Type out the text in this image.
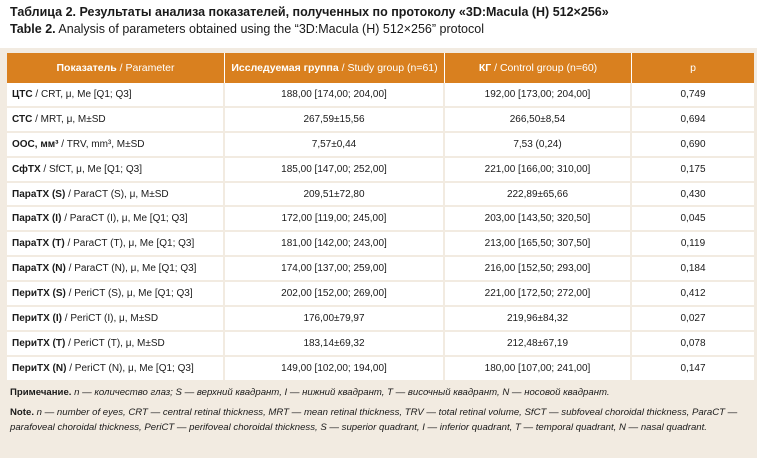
Таблица 2. Результаты анализа показателей, полученных по протоколу «3D:Macula (H) 512×256»
Table 2. Analysis of parameters obtained using the “3D:Macula (H) 512×256” protocol
Показатель / Parameter	Исследуемая группа / Study group (n=61)	КГ / Control group (n=60)	p
ЦТС / CRT, μ, Me [Q1; Q3]	188,00 [174,00; 204,00]	192,00 [173,00; 204,00]	0,749
СТС / MRT, μ, M±SD	267,59±15,56	266,50±8,54	0,694
ООС, мм³ / TRV, mm³, M±SD	7,57±0,44	7,53 (0,24)	0,690
СфТХ / SfCT, μ, Me [Q1; Q3]	185,00 [147,00; 252,00]	221,00 [166,00; 310,00]	0,175
ПараТХ (S) / ParaCT (S), μ, M±SD	209,51±72,80	222,89±65,66	0,430
ПараТХ (I) / ParaCT (I), μ, Me [Q1; Q3]	172,00 [119,00; 245,00]	203,00 [143,50; 320,50]	0,045
ПараТХ (T) / ParaCT (T), μ, Me [Q1; Q3]	181,00 [142,00; 243,00]	213,00 [165,50; 307,50]	0,119
ПараТХ (N) / ParaCT (N), μ, Me [Q1; Q3]	174,00 [137,00; 259,00]	216,00 [152,50; 293,00]	0,184
ПериТХ (S) / PeriCT (S), μ, Me [Q1; Q3]	202,00 [152,00; 269,00]	221,00 [172,50; 272,00]	0,412
ПериТХ (I) / PeriCT (I), μ, M±SD	176,00±79,97	219,96±84,32	0,027
ПериТХ (T) / PeriCT (T), μ, M±SD	183,14±69,32	212,48±67,19	0,078
ПериТХ (N) / PeriCT (N), μ, Me [Q1; Q3]	149,00 [102,00; 194,00]	180,00 [107,00; 241,00]	0,147
Примечание. n — количество глаз; S — верхний квадрант, I — нижний квадрант, T — височный квадрант, N — носовой квадрант.
Note. n — number of eyes, CRT — central retinal thickness, MRT — mean retinal thickness, TRV — total retinal volume, SfCT — subfoveal choroidal thickness, ParaCT — parafoveal choroidal thickness, PeriCT — perifoveal choroidal thickness, S — superior quadrant, I — inferior quadrant, T — temporal quadrant, N — nasal quadrant.
